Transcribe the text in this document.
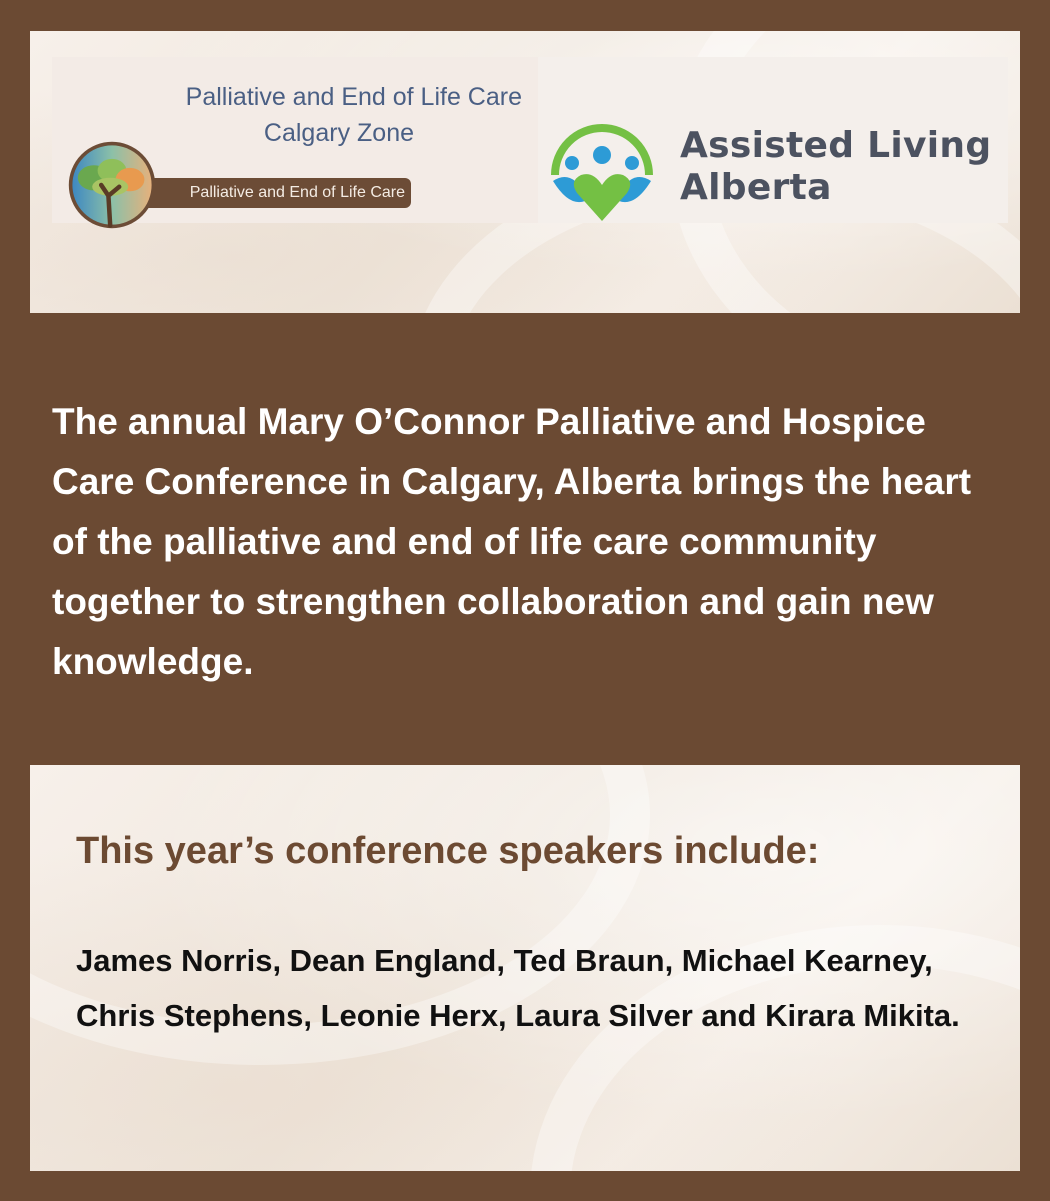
Palliative and End of Life Care
Calgary Zone
Palliative and End of Life Care
Assisted Living
Alberta

The annual Mary O’Connor Palliative and Hospice Care Conference in Calgary, Alberta brings the heart of the palliative and end of life care community together to strengthen collaboration and gain new knowledge.

This year’s conference speakers include:

James Norris, Dean England, Ted Braun, Michael Kearney, Chris Stephens, Leonie Herx, Laura Silver and Kirara Mikita.
